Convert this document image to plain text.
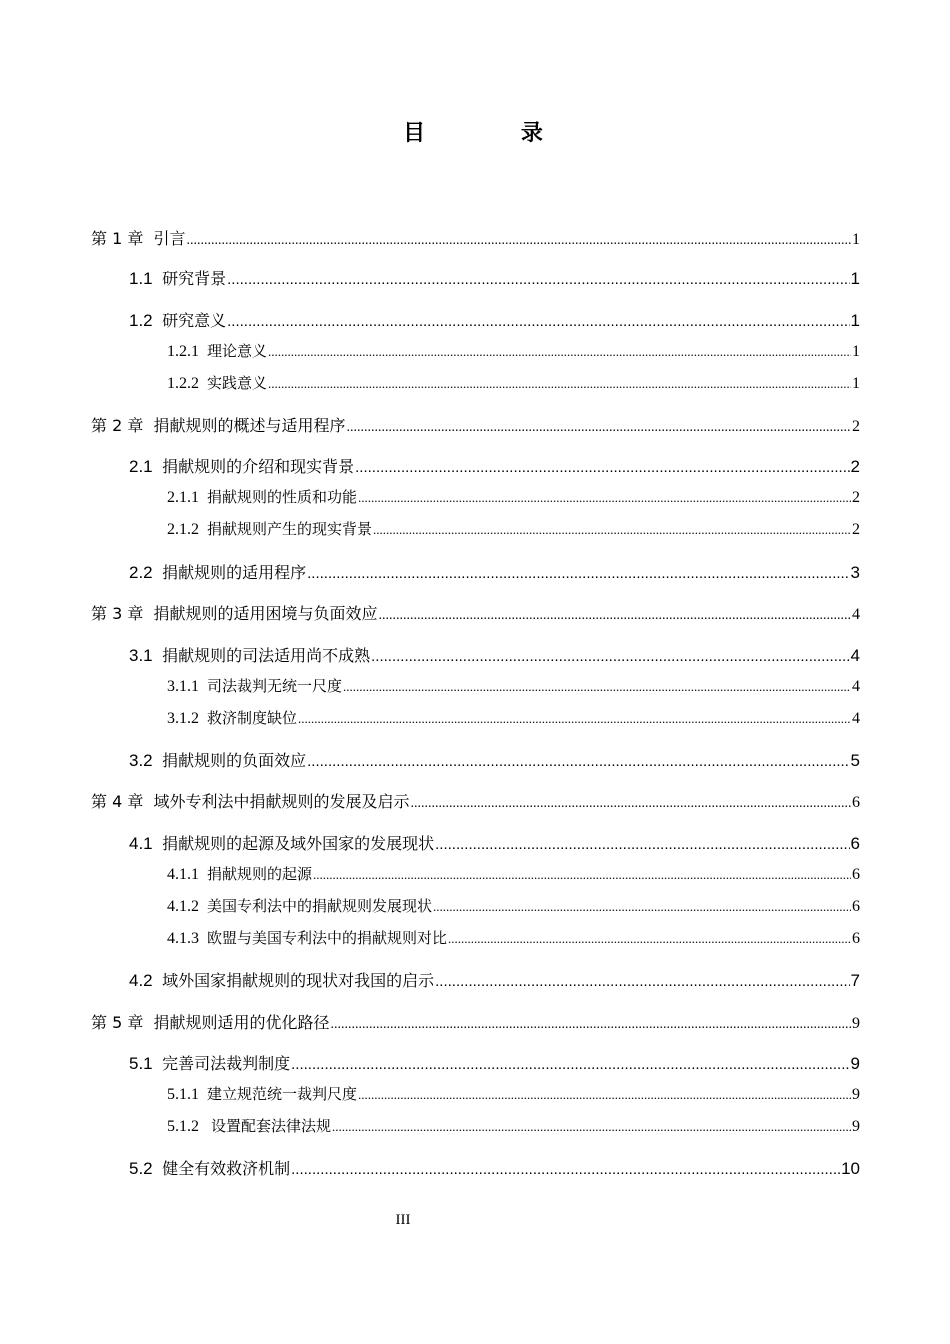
目 录
第 1 章 引言 .....	1
1.1 研究背景 .....	1
1.2 研究意义 .....	1
1.2.1 理论意义 .....	1
1.2.2 实践意义 .....	1
第 2 章 捐献规则的概述与适用程序 .....	2
2.1 捐献规则的介绍和现实背景 .....	2
2.1.1 捐献规则的性质和功能 .....	2
2.1.2 捐献规则产生的现实背景 .....	2
2.2 捐献规则的适用程序 .....	3
第 3 章 捐献规则的适用困境与负面效应 .....	4
3.1 捐献规则的司法适用尚不成熟 .....	4
3.1.1 司法裁判无统一尺度 .....	4
3.1.2 救济制度缺位 .....	4
3.2 捐献规则的负面效应 .....	5
第 4 章 域外专利法中捐献规则的发展及启示 .....	6
4.1 捐献规则的起源及域外国家的发展现状 .....	6
4.1.1 捐献规则的起源 .....	6
4.1.2 美国专利法中的捐献规则发展现状 .....	6
4.1.3 欧盟与美国专利法中的捐献规则对比 .....	6
4.2 域外国家捐献规则的现状对我国的启示 .....	7
第 5 章 捐献规则适用的优化路径 .....	9
5.1 完善司法裁判制度 .....	9
5.1.1 建立规范统一裁判尺度 .....	9
5.1.2 设置配套法律法规 .....	9
5.2 健全有效救济机制 .....	10
III
